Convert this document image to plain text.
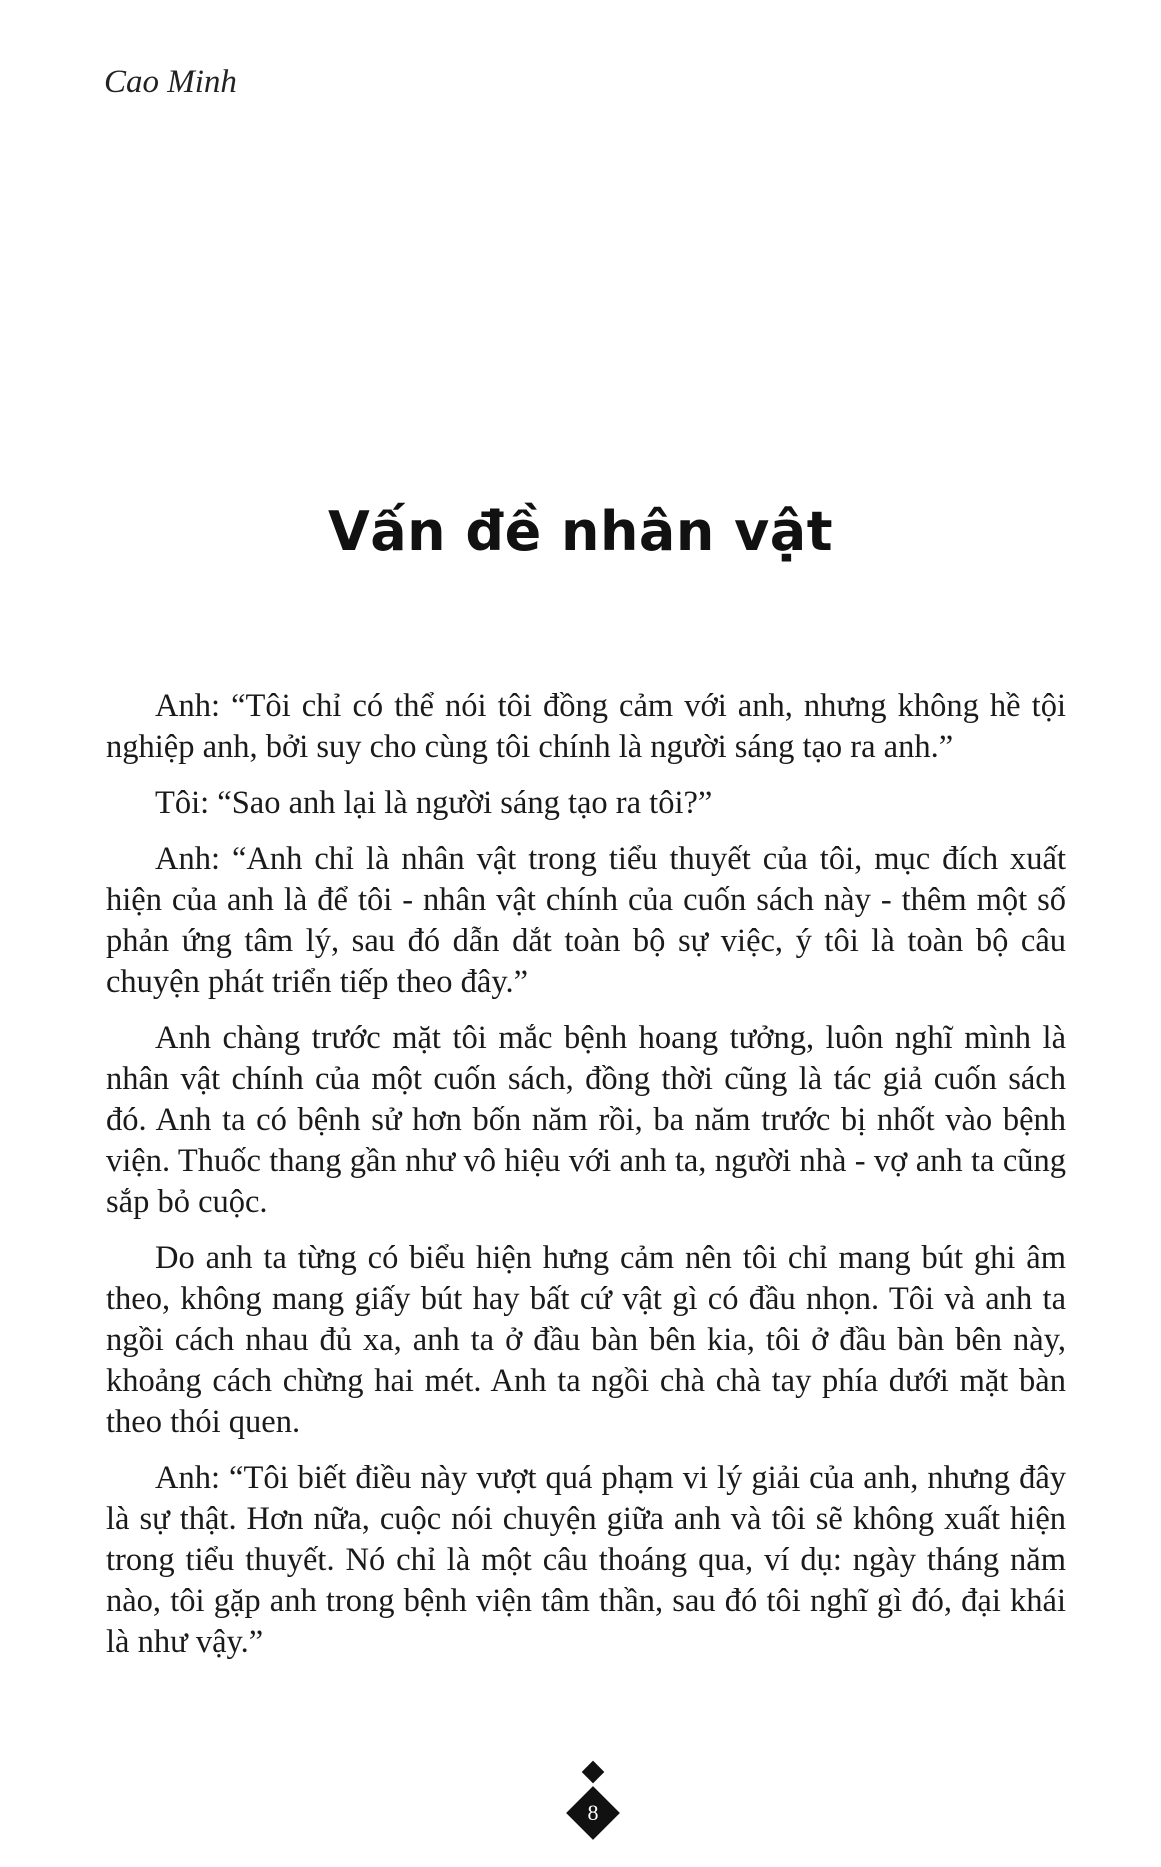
Cao Minh
Vấn đề nhân vật

Anh: “Tôi chỉ có thể nói tôi đồng cảm với anh, nhưng không hề tội nghiệp anh, bởi suy cho cùng tôi chính là người sáng tạo ra anh.”

Tôi: “Sao anh lại là người sáng tạo ra tôi?”

Anh: “Anh chỉ là nhân vật trong tiểu thuyết của tôi, mục đích xuất hiện của anh là để tôi - nhân vật chính của cuốn sách này - thêm một số phản ứng tâm lý, sau đó dẫn dắt toàn bộ sự việc, ý tôi là toàn bộ câu chuyện phát triển tiếp theo đây.”

Anh chàng trước mặt tôi mắc bệnh hoang tưởng, luôn nghĩ mình là nhân vật chính của một cuốn sách, đồng thời cũng là tác giả cuốn sách đó. Anh ta có bệnh sử hơn bốn năm rồi, ba năm trước bị nhốt vào bệnh viện. Thuốc thang gần như vô hiệu với anh ta, người nhà - vợ anh ta cũng sắp bỏ cuộc.

Do anh ta từng có biểu hiện hưng cảm nên tôi chỉ mang bút ghi âm theo, không mang giấy bút hay bất cứ vật gì có đầu nhọn. Tôi và anh ta ngồi cách nhau đủ xa, anh ta ở đầu bàn bên kia, tôi ở đầu bàn bên này, khoảng cách chừng hai mét. Anh ta ngồi chà chà tay phía dưới mặt bàn theo thói quen.

Anh: “Tôi biết điều này vượt quá phạm vi lý giải của anh, nhưng đây là sự thật. Hơn nữa, cuộc nói chuyện giữa anh và tôi sẽ không xuất hiện trong tiểu thuyết. Nó chỉ là một câu thoáng qua, ví dụ: ngày tháng năm nào, tôi gặp anh trong bệnh viện tâm thần, sau đó tôi nghĩ gì đó, đại khái là như vậy.”

8
